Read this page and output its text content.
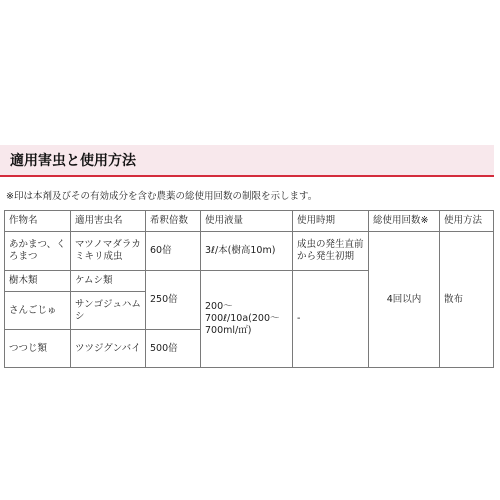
適用害虫と使用方法
※印は本剤及びその有効成分を含む農薬の総使用回数の制限を示します。
作物名	適用害虫名	希釈倍数	使用液量	使用時期	総使用回数※	使用方法
あかまつ、くろまつ	マツノマダラカミキリ成虫	60倍	3ℓ/本(樹高10m)	成虫の発生直前から発生初期	4回以内	散布
樹木類	ケムシ類	250倍	200～700ℓ/10a(200～700ml/㎡)	-		
さんごじゅ	サンゴジュハムシ					
つつじ類	ツツジグンバイ	500倍				
